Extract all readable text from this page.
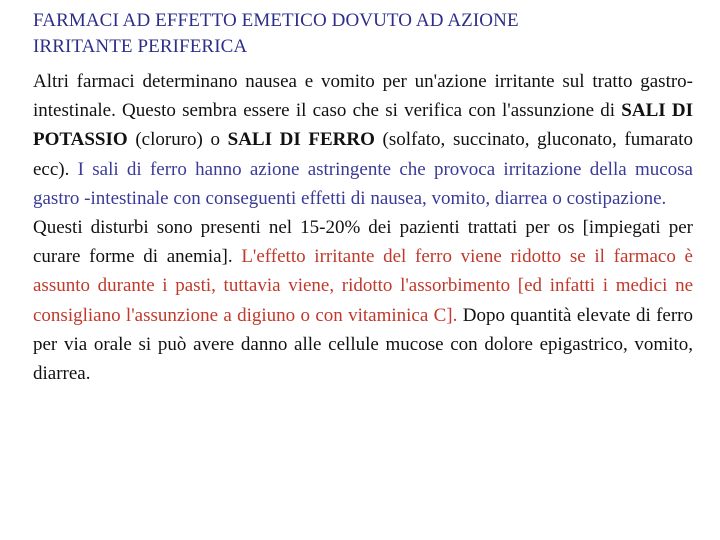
FARMACI AD EFFETTO EMETICO DOVUTO AD AZIONE
IRRITANTE PERIFERICA
Altri farmaci determinano nausea e vomito per un'azione irritante sul tratto gastro-intestinale. Questo sembra essere il caso che si verifica con l'assunzione di SALI DI POTASSIO (cloruro) o SALI DI FERRO (solfato, succinato, gluconato, fumarato ecc). I sali di ferro hanno azione astringente che provoca irritazione della mucosa gastro -intestinale con conseguenti effetti di nausea, vomito, diarrea o costipazione.
Questi disturbi sono presenti nel 15-20% dei pazienti trattati per os [impiegati per curare forme di anemia]. L'effetto irritante del ferro viene ridotto se il farmaco è assunto durante i pasti, tuttavia viene, ridotto l'assorbimento [ed infatti i medici ne consigliano l'assunzione a digiuno o con vitaminica C]. Dopo quantità elevate di ferro per via orale si può avere danno alle cellule mucose con dolore epigastrico, vomito, diarrea.
